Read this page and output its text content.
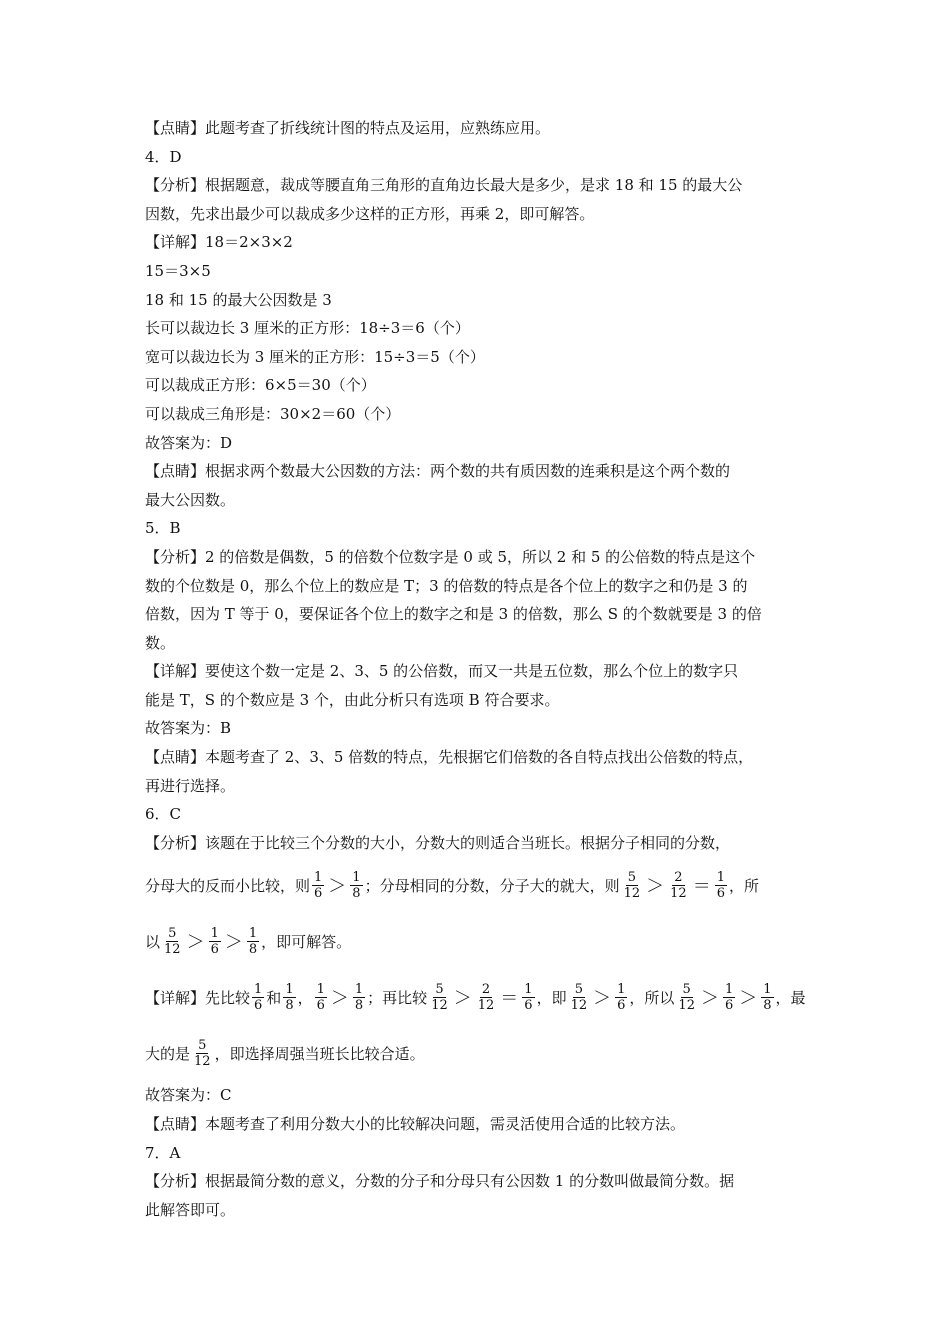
【点睛】此题考查了折线统计图的特点及运用，应熟练应用。
4．D
【分析】根据题意，裁成等腰直角三角形的直角边长最大是多少，是求 18 和 15 的最大公
因数，先求出最少可以裁成多少这样的正方形，再乘 2，即可解答。
【详解】18＝2×3×2
15＝3×5
18 和 15 的最大公因数是 3
长可以裁边长 3 厘米的正方形：18÷3＝6（个）
宽可以裁边长为 3 厘米的正方形：15÷3＝5（个）
可以裁成正方形：6×5＝30（个）
可以裁成三角形是：30×2＝60（个）
故答案为：D
【点睛】根据求两个数最大公因数的方法：两个数的共有质因数的连乘积是这个两个数的
最大公因数。
5．B
【分析】2 的倍数是偶数，5 的倍数个位数字是 0 或 5，所以 2 和 5 的公倍数的特点是这个
数的个位数是 0，那么个位上的数应是 T；3 的倍数的特点是各个位上的数字之和仍是 3 的
倍数，因为 T 等于 0，要保证各个位上的数字之和是 3 的倍数，那么 S 的个数就要是 3 的倍
数。
【详解】要使这个数一定是 2、3、5 的公倍数，而又一共是五位数，那么个位上的数字只
能是 T，S 的个数应是 3 个，由此分析只有选项 B 符合要求。
故答案为：B
【点睛】本题考查了 2、3、5 倍数的特点，先根据它们倍数的各自特点找出公倍数的特点，
再进行选择。
6．C
【分析】该题在于比较三个分数的大小，分数大的则适合当班长。根据分子相同的分数，
分母大的反而小比较，则 $\frac{1}{6} > \frac{1}{8}$ ；分母相同的分数，分子大的就大，则 $\frac{5}{12} > \frac{2}{12} = \frac{1}{6}$ ，所
以 $\frac{5}{12} > \frac{1}{6} > \frac{1}{8}$ ，即可解答。
【详解】先比较 $\frac{1}{6}$ 和 $\frac{1}{8}$ ， $\frac{1}{6} > \frac{1}{8}$ ；再比较 $\frac{5}{12} > \frac{2}{12} = \frac{1}{6}$ ，即 $\frac{5}{12} > \frac{1}{6}$ ，所以 $\frac{5}{12} > \frac{1}{6} > \frac{1}{8}$ ，最
大的是 $\frac{5}{12}$ ，即选择周强当班长比较合适。
故答案为：C
【点睛】本题考查了利用分数大小的比较解决问题，需灵活使用合适的比较方法。
7．A
【分析】根据最简分数的意义，分数的分子和分母只有公因数 1 的分数叫做最简分数。据
此解答即可。
